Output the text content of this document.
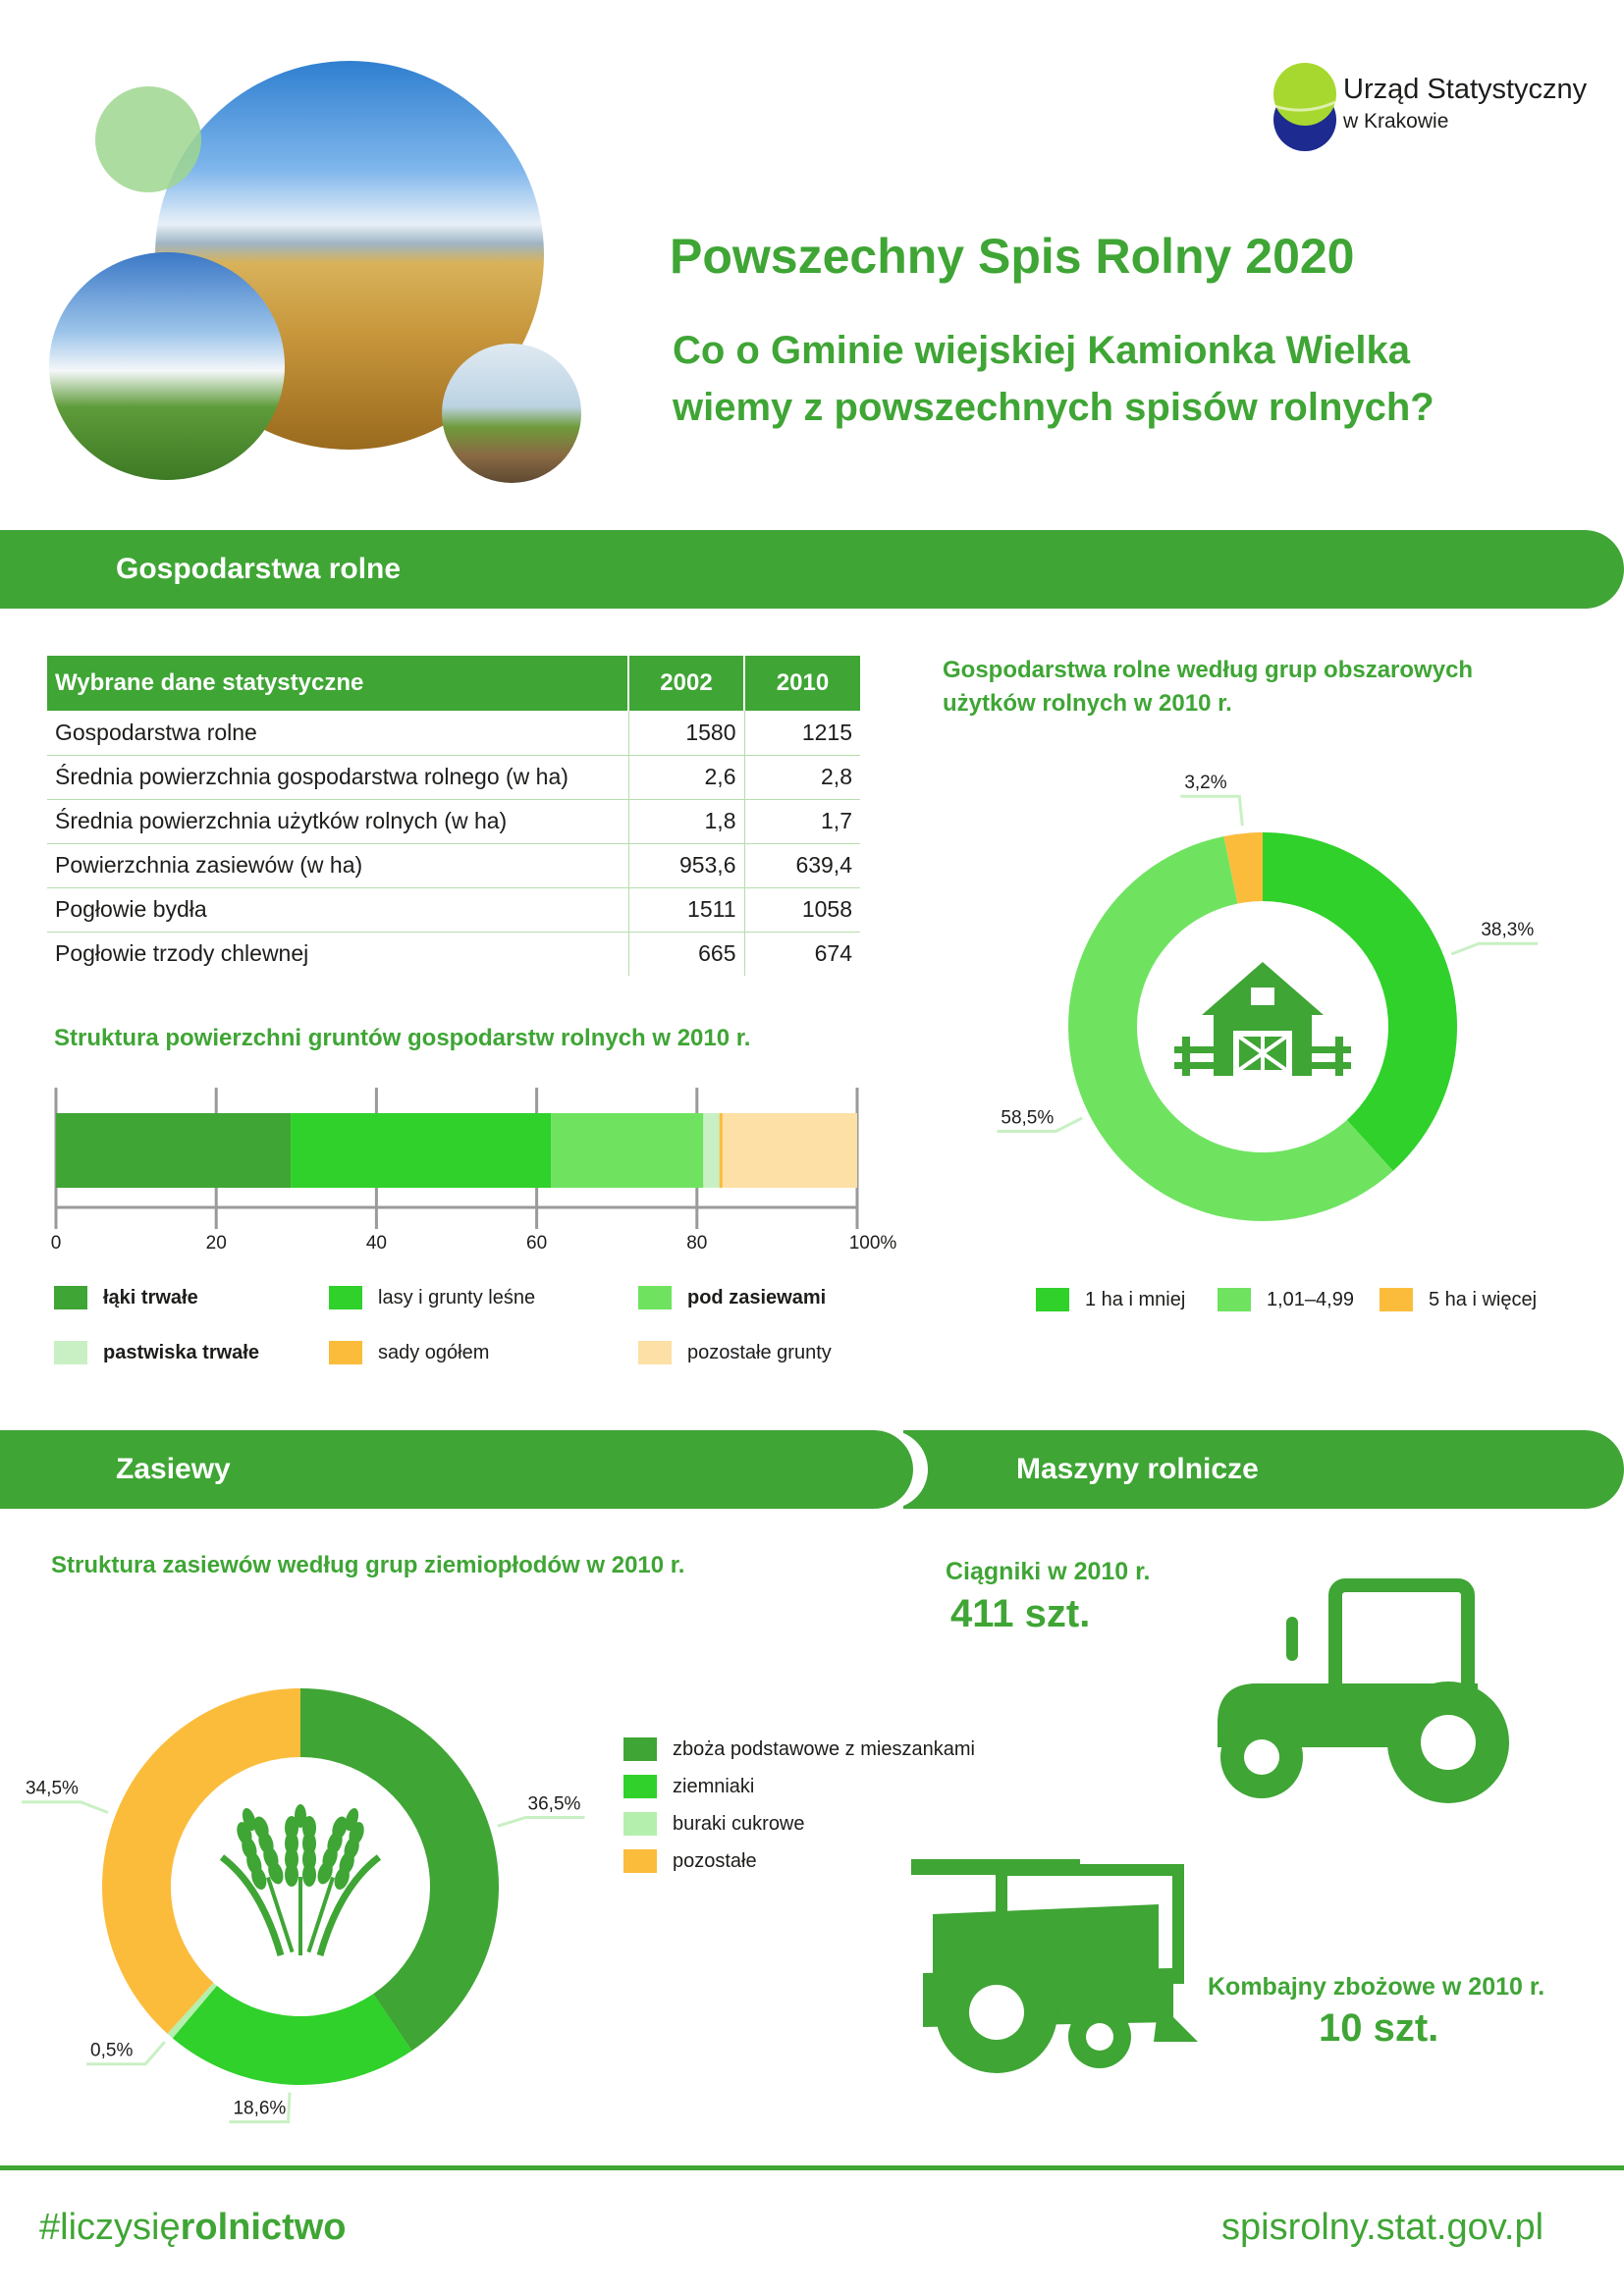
Urząd Statystyczny
w Krakowie
Powszechny Spis Rolny 2020
Co o Gminie wiejskiej Kamionka Wielka
wiemy z powszechnych spisów rolnych?
Gospodarstwa rolne
Wybrane dane statystyczne	2002	2010
Gospodarstwa rolne	1580	1215
Średnia powierzchnia gospodarstwa rolnego (w ha)	2,6	2,8
Średnia powierzchnia użytków rolnych (w ha)	1,8	1,7
Powierzchnia zasiewów (w ha)	953,6	639,4
Pogłowie bydła	1511	1058
Pogłowie trzody chlewnej	665	674
Struktura powierzchni gruntów gospodarstw rolnych w 2010 r.
0	20	40	60	80	100%
łąki trwałe	lasy i grunty leśne	pod zasiewami
pastwiska trwałe	sady ogółem	pozostałe grunty
Gospodarstwa rolne według grup obszarowych użytków rolnych w 2010 r.
38,3%
58,5%
3,2%
1 ha i mniej	1,01–4,99	5 ha i więcej
Zasiewy	Maszyny rolnicze
Struktura zasiewów według grup ziemiopłodów w 2010 r.
36,5%
18,6%
0,5%
34,5%
zboża podstawowe z mieszankami
ziemniaki
buraki cukrowe
pozostałe
Ciągniki w 2010 r.
411 szt.
Kombajny zbożowe w 2010 r.
10 szt.
#liczysięrolnictwo	spisrolny.stat.gov.pl
